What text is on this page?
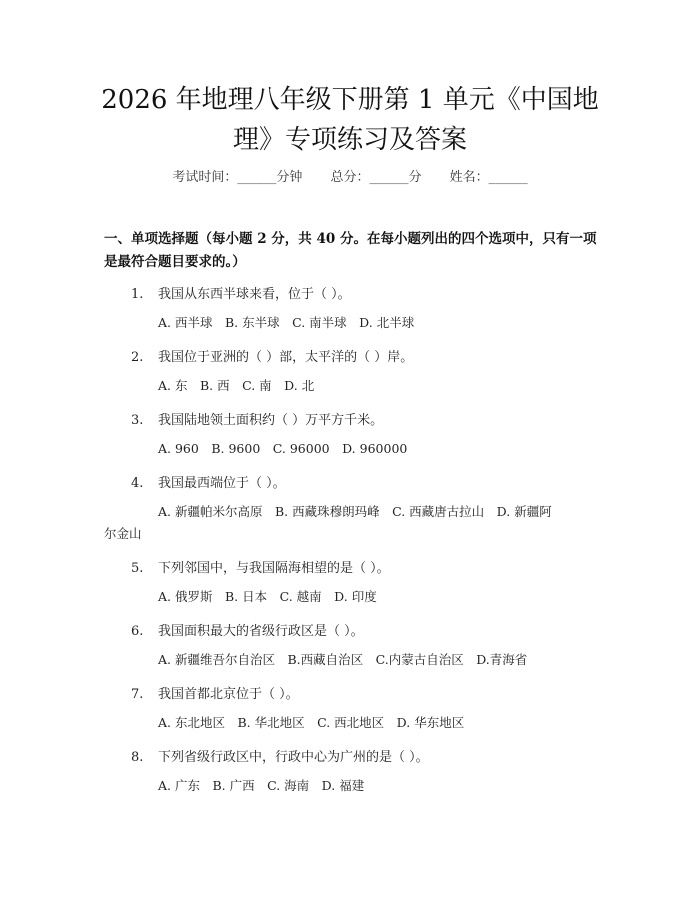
2026 年地理八年级下册第 1 单元《中国地
理》专项练习及答案
考试时间：______分钟 总分：______分 姓名：______
一、单项选择题（每小题 2 分，共 40 分。在每小题列出的四个选项中，只有一项是最符合题目要求的。）
1. 我国从东西半球来看，位于（ ）。
A. 西半球　B. 东半球　C. 南半球　D. 北半球
2. 我国位于亚洲的（ ）部，太平洋的（ ）岸。
A. 东　B. 西　C. 南　D. 北
3. 我国陆地领土面积约（ ）万平方千米。
A. 960　B. 9600　C. 96000　D. 960000
4. 我国最西端位于（ ）。
A. 新疆帕米尔高原　B. 西藏珠穆朗玛峰　C. 西藏唐古拉山　D. 新疆阿
尔金山
5. 下列邻国中，与我国隔海相望的是（ ）。
A. 俄罗斯　B. 日本　C. 越南　D. 印度
6. 我国面积最大的省级行政区是（ ）。
A. 新疆维吾尔自治区　B.西藏自治区　C.内蒙古自治区　D.青海省
7. 我国首都北京位于（ ）。
A. 东北地区　B. 华北地区　C. 西北地区　D. 华东地区
8. 下列省级行政区中，行政中心为广州的是（ ）。
A. 广东　B. 广西　C. 海南　D. 福建
